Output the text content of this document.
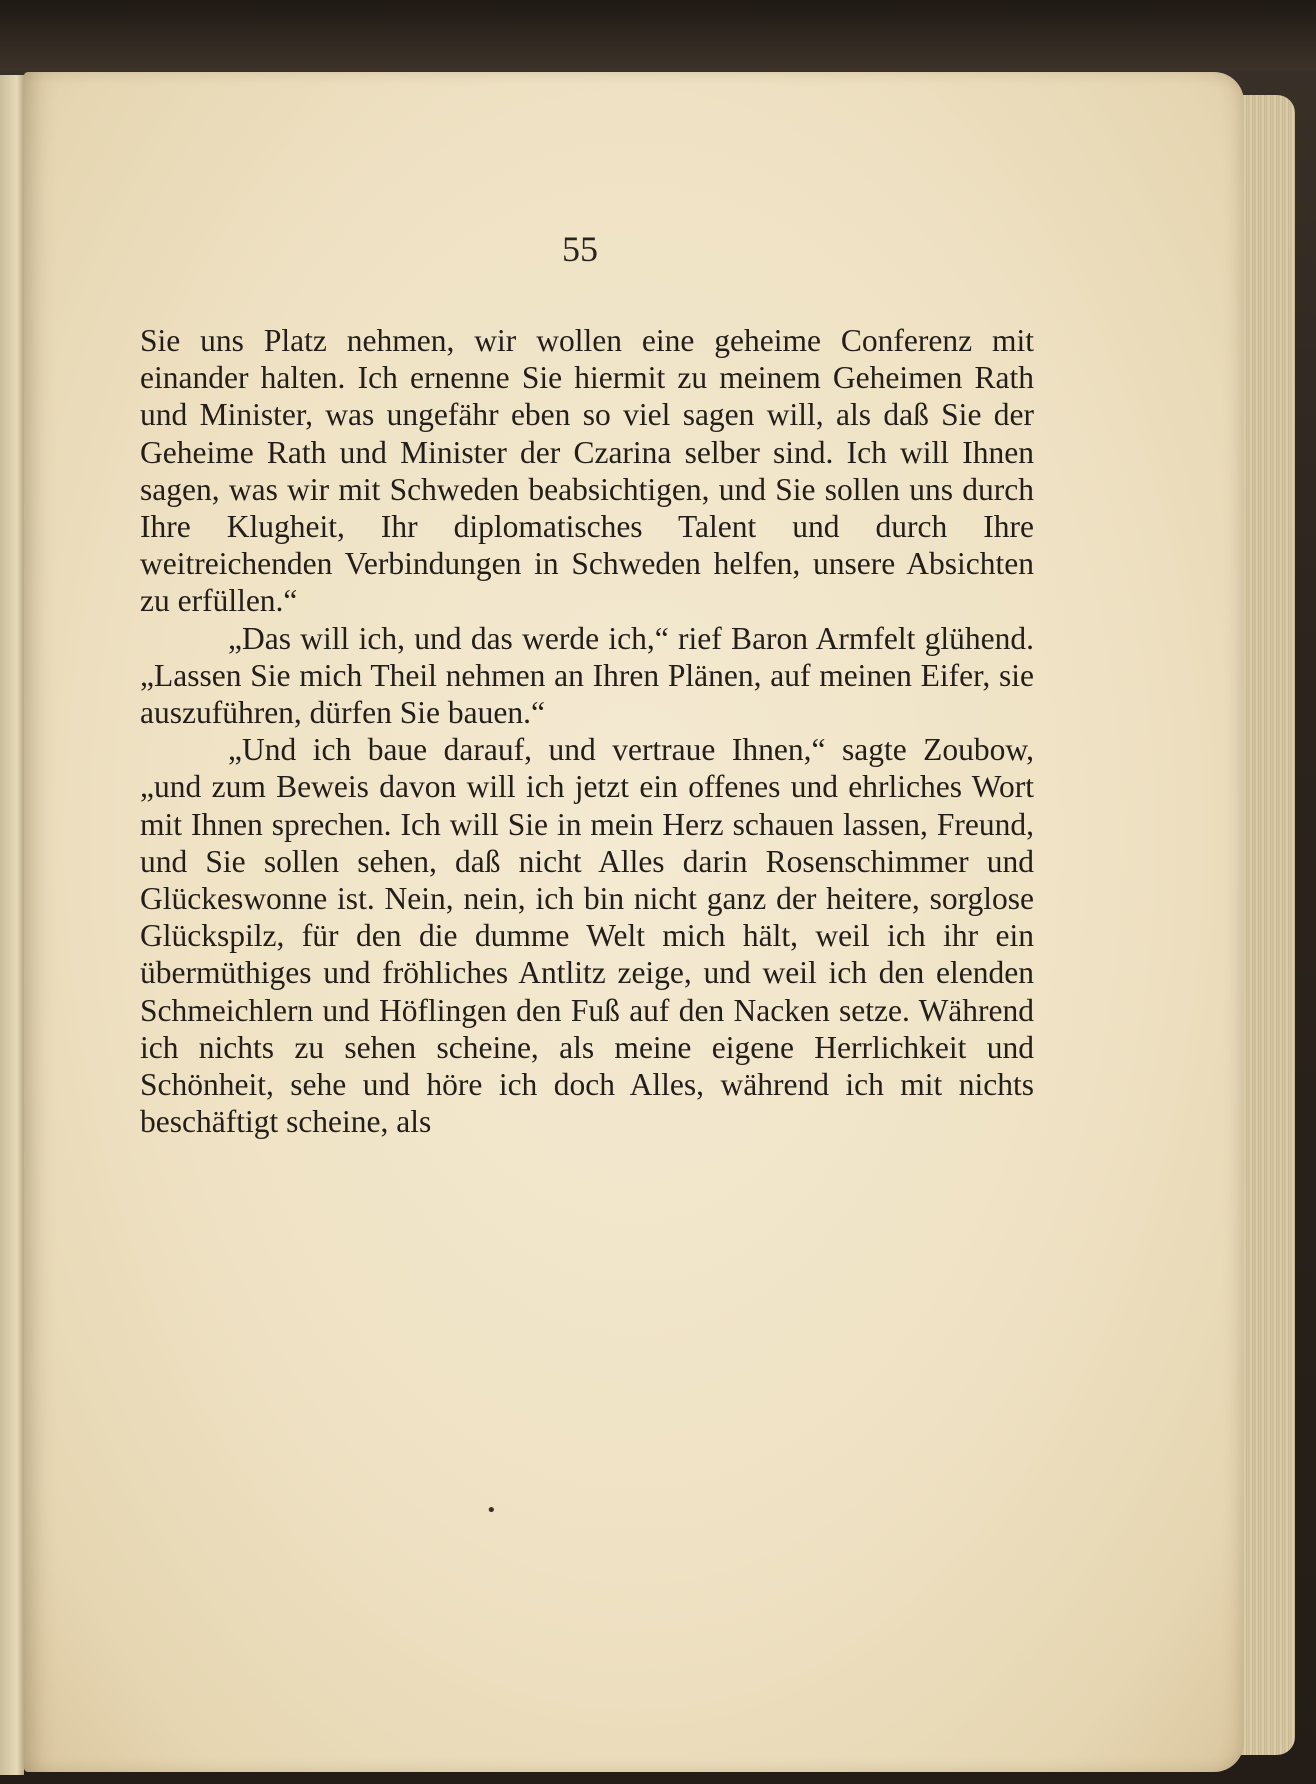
55

Sie uns Platz nehmen, wir wollen eine geheime Conferenz mit einander halten. Ich ernenne Sie hiermit zu meinem Geheimen Rath und Minister, was ungefähr eben so viel sagen will, als daß Sie der Geheime Rath und Minister der Czarina selber sind. Ich will Ihnen sagen, was wir mit Schweden beabsichtigen, und Sie sollen uns durch Ihre Klugheit, Ihr diplomatisches Talent und durch Ihre weitreichenden Verbindungen in Schweden helfen, unsere Absichten zu erfüllen.“

„Das will ich, und das werde ich,“ rief Baron Armfelt glühend. „Lassen Sie mich Theil nehmen an Ihren Plänen, auf meinen Eifer, sie auszuführen, dürfen Sie bauen.“

„Und ich baue darauf, und vertraue Ihnen,“ sagte Zoubow, „und zum Beweis davon will ich jetzt ein offenes und ehrliches Wort mit Ihnen sprechen. Ich will Sie in mein Herz schauen lassen, Freund, und Sie sollen sehen, daß nicht Alles darin Rosenschimmer und Glückeswonne ist. Nein, nein, ich bin nicht ganz der heitere, sorglose Glückspilz, für den die dumme Welt mich hält, weil ich ihr ein übermüthiges und fröhliches Antlitz zeige, und weil ich den elenden Schmeichlern und Höflingen den Fuß auf den Nacken setze. Während ich nichts zu sehen scheine, als meine eigene Herrlichkeit und Schönheit, sehe und höre ich doch Alles, während ich mit nichts beschäftigt scheine, als

•
